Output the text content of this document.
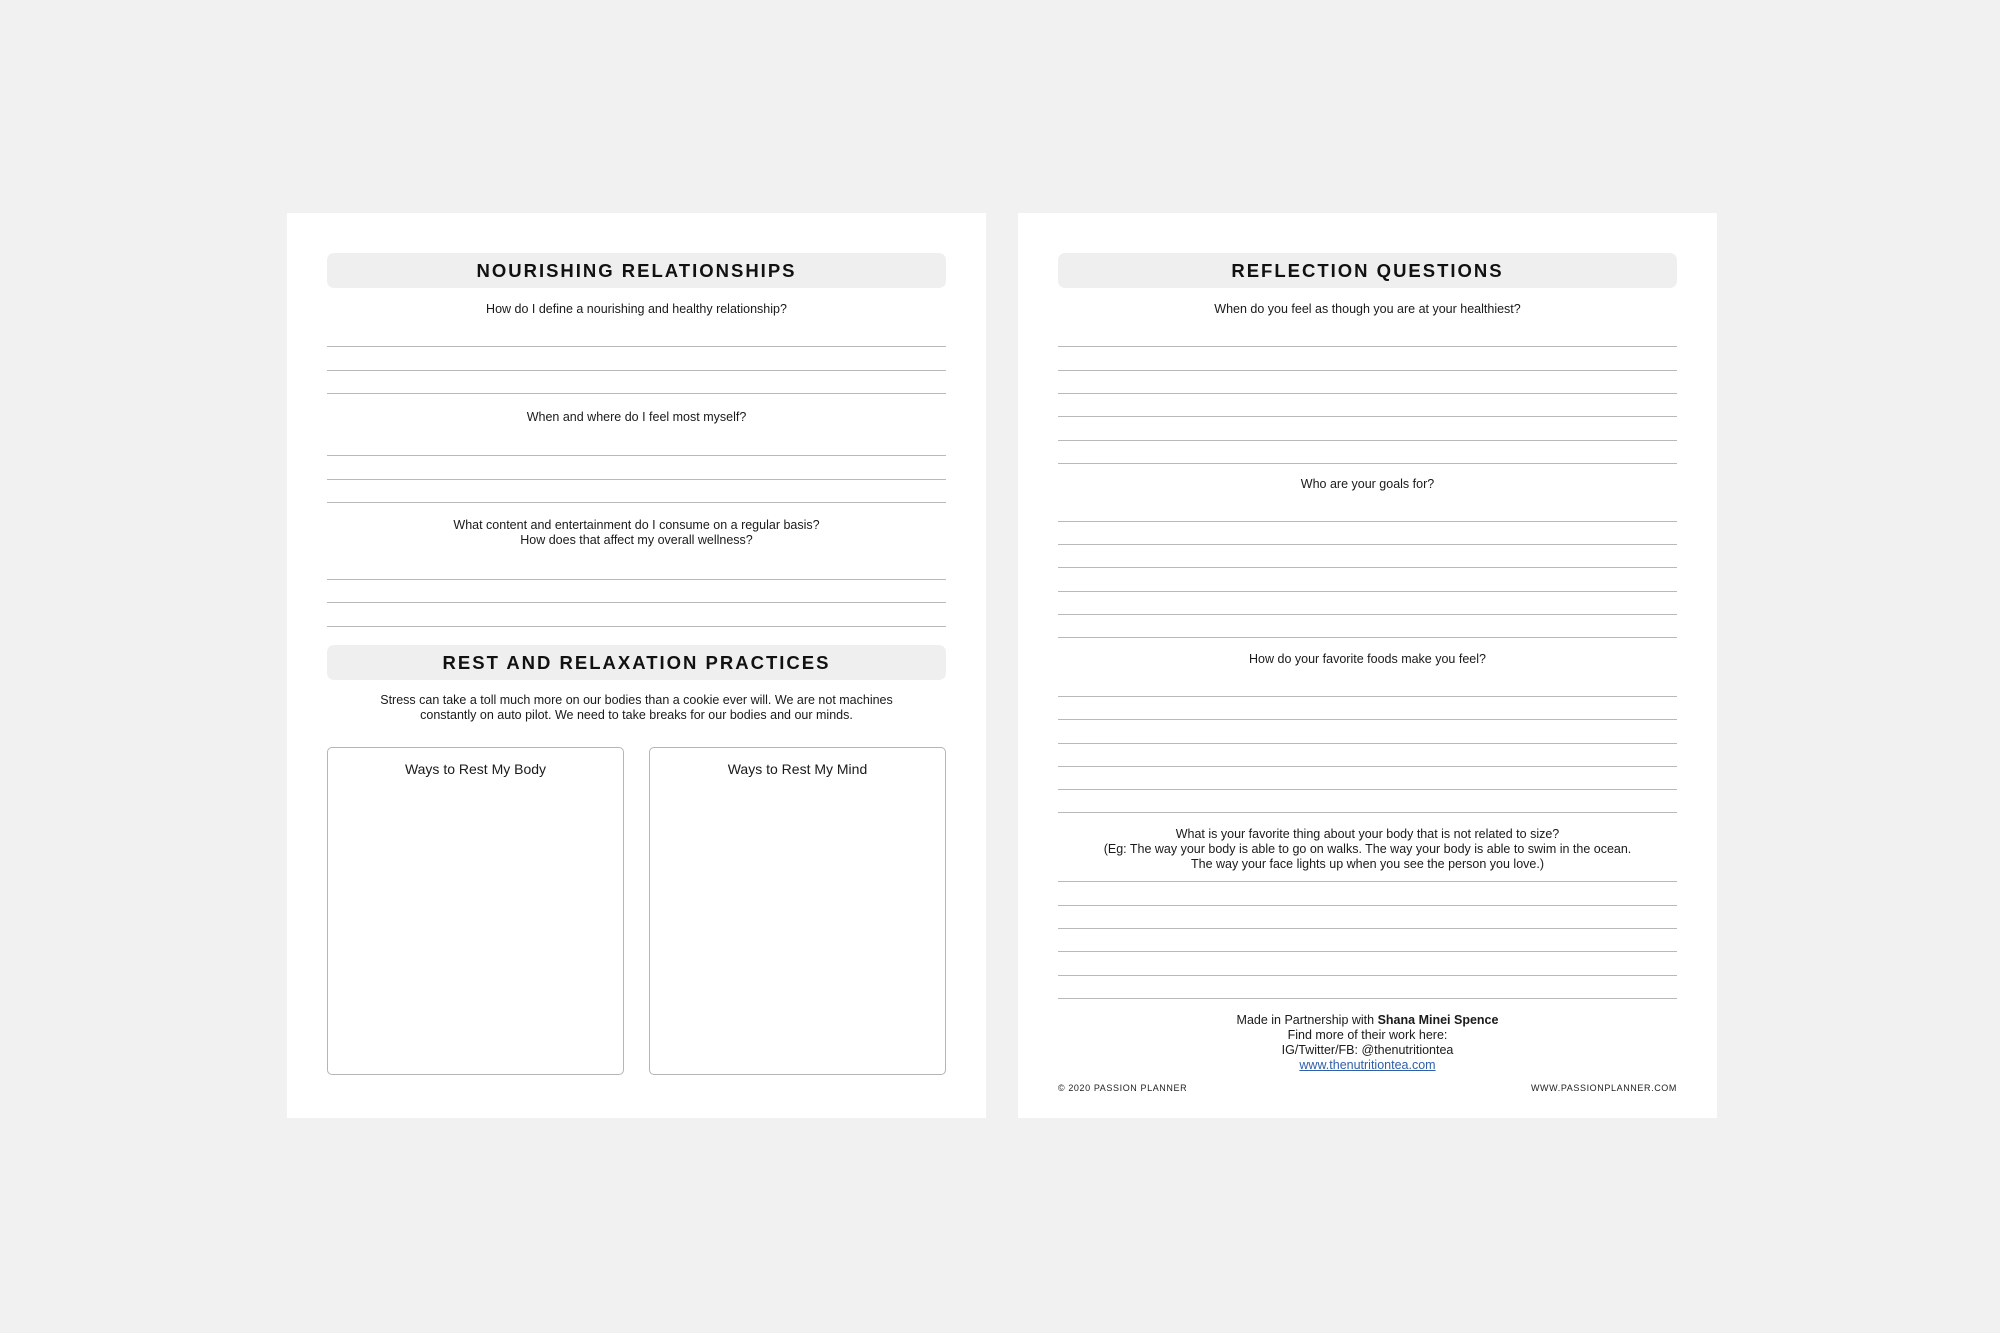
NOURISHING RELATIONSHIPS
How do I define a nourishing and healthy relationship?
When and where do I feel most myself?
What content and entertainment do I consume on a regular basis?
How does that affect my overall wellness?
REST AND RELAXATION PRACTICES
Stress can take a toll much more on our bodies than a cookie ever will. We are not machines
constantly on auto pilot. We need to take breaks for our bodies and our minds.
Ways to Rest My Body	Ways to Rest My Mind
REFLECTION QUESTIONS
When do you feel as though you are at your healthiest?
Who are your goals for?
How do your favorite foods make you feel?
What is your favorite thing about your body that is not related to size?
(Eg: The way your body is able to go on walks. The way your body is able to swim in the ocean.
The way your face lights up when you see the person you love.)
Made in Partnership with Shana Minei Spence
Find more of their work here:
IG/Twitter/FB: @thenutritiontea
www.thenutritiontea.com
© 2020 PASSION PLANNER	WWW.PASSIONPLANNER.COM
